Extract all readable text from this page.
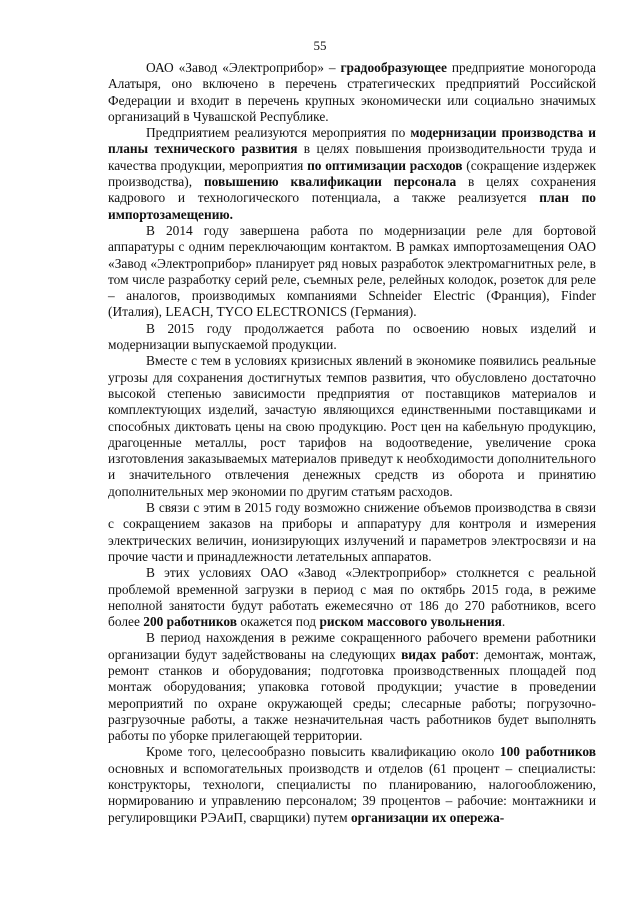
55

ОАО «Завод «Электроприбор» – градообразующее предприятие моногорода Алатыря, оно включено в перечень стратегических предприятий Российской Федерации и входит в перечень крупных экономически или социально значимых организаций в Чувашской Республике.

Предприятием реализуются мероприятия по модернизации производства и планы технического развития в целях повышения производительности труда и качества продукции, мероприятия по оптимизации расходов (сокращение издержек производства), повышению квалификации персонала в целях сохранения кадрового и технологического потенциала, а также реализуется план по импортозамещению.

В 2014 году завершена работа по модернизации реле для бортовой аппаратуры с одним переключающим контактом. В рамках импортозамещения ОАО «Завод «Электроприбор» планирует ряд новых разработок электромагнитных реле, в том числе разработку серий реле, съемных реле, релейных колодок, розеток для реле – аналогов, производимых компаниями Schneider Electric (Франция), Finder (Италия), LEACH, TYCO ELECTRONICS (Германия).

В 2015 году продолжается работа по освоению новых изделий и модернизации выпускаемой продукции.

Вместе с тем в условиях кризисных явлений в экономике появились реальные угрозы для сохранения достигнутых темпов развития, что обусловлено достаточно высокой степенью зависимости предприятия от поставщиков материалов и комплектующих изделий, зачастую являющихся единственными поставщиками и способных диктовать цены на свою продукцию. Рост цен на кабельную продукцию, драгоценные металлы, рост тарифов на водоотведение, увеличение срока изготовления заказываемых материалов приведут к необходимости дополнительного и значительного отвлечения денежных средств из оборота и принятию дополнительных мер экономии по другим статьям расходов.

В связи с этим в 2015 году возможно снижение объемов производства в связи с сокращением заказов на приборы и аппаратуру для контроля и измерения электрических величин, ионизирующих излучений и параметров электросвязи и на прочие части и принадлежности летательных аппаратов.

В этих условиях ОАО «Завод «Электроприбор» столкнется с реальной проблемой временной загрузки в период с мая по октябрь 2015 года, в режиме неполной занятости будут работать ежемесячно от 186 до 270 работников, всего более 200 работников окажется под риском массового увольнения.

В период нахождения в режиме сокращенного рабочего времени работники организации будут задействованы на следующих видах работ: демонтаж, монтаж, ремонт станков и оборудования; подготовка производственных площадей под монтаж оборудования; упаковка готовой продукции; участие в проведении мероприятий по охране окружающей среды; слесарные работы; погрузочно-разгрузочные работы, а также незначительная часть работников будет выполнять работы по уборке прилегающей территории.

Кроме того, целесообразно повысить квалификацию около 100 работников основных и вспомогательных производств и отделов (61 процент – специалисты: конструкторы, технологи, специалисты по планированию, налогообложению, нормированию и управлению персоналом; 39 процентов – рабочие: монтажники и регулировщики РЭАиП, сварщики) путем организации их опережа-
